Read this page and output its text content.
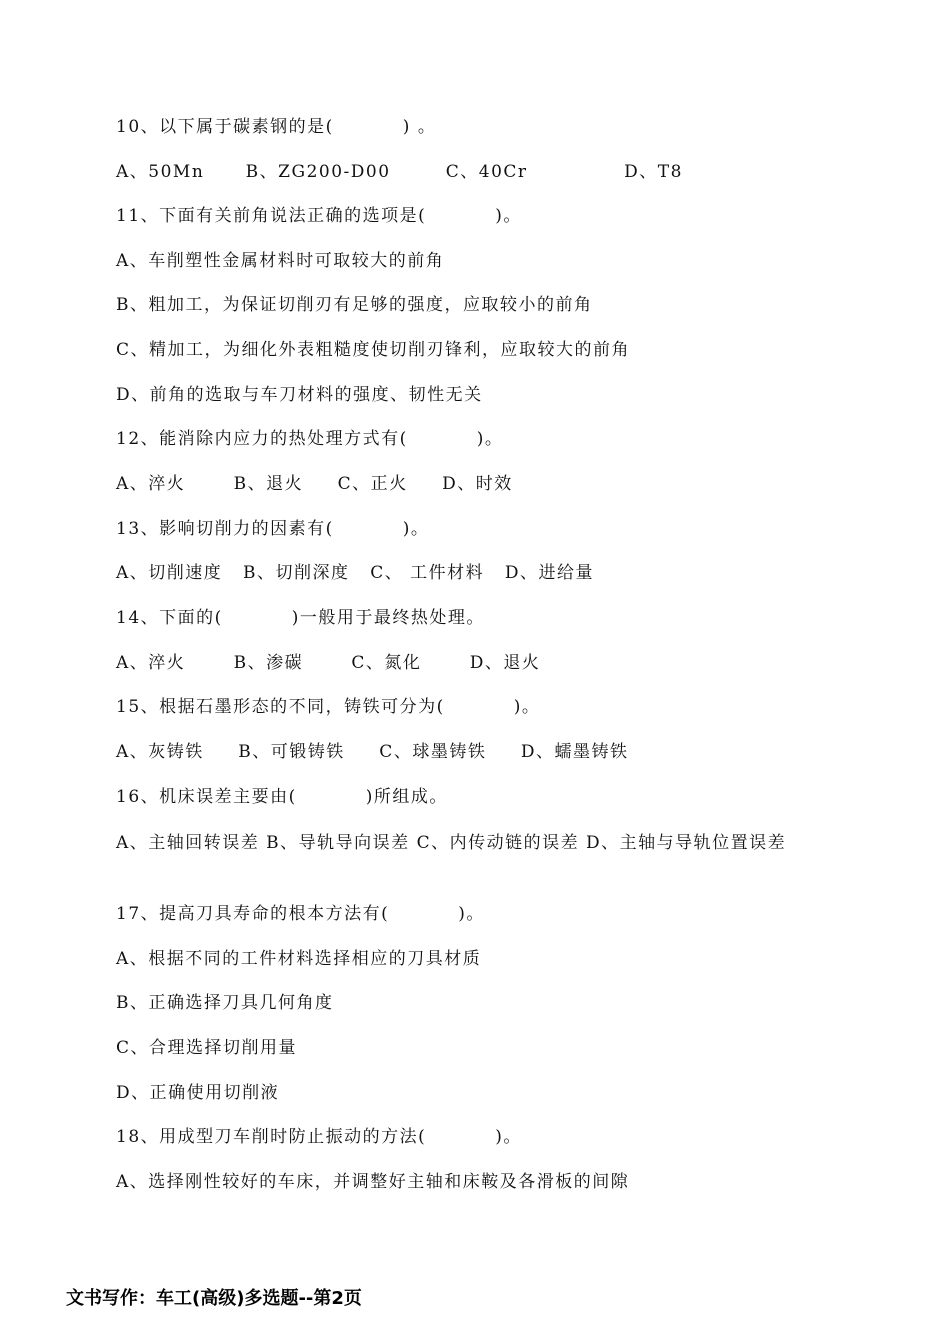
10、以下属于碳素钢的是(          ) 。
A、50Mn      B、ZG200-D00        C、40Cr              D、T8
11、下面有关前角说法正确的选项是(          )。
A、车削塑性金属材料时可取较大的前角
B、粗加工，为保证切削刃有足够的强度，应取较小的前角
C、精加工，为细化外表粗糙度使切削刃锋利，应取较大的前角
D、前角的选取与车刀材料的强度、韧性无关
12、能消除内应力的热处理方式有(          )。
A、淬火       B、退火     C、正火     D、时效
13、影响切削力的因素有(          )。
A、切削速度   B、切削深度   C、 工件材料   D、进给量
14、下面的(          )一般用于最终热处理。
A、淬火       B、渗碳       C、氮化       D、退火
15、根据石墨形态的不同，铸铁可分为(          )。
A、灰铸铁     B、可锻铸铁     C、球墨铸铁     D、蠕墨铸铁
16、机床误差主要由(          )所组成。
A、主轴回转误差 B、导轨导向误差 C、内传动链的误差 D、主轴与导轨位置误差
17、提高刀具寿命的根本方法有(          )。
A、根据不同的工件材料选择相应的刀具材质
B、正确选择刀具几何角度
C、合理选择切削用量
D、正确使用切削液
18、用成型刀车削时防止振动的方法(          )。
A、选择刚性较好的车床，并调整好主轴和床鞍及各滑板的间隙
文书写作：车工(高级)多选题--第2页
